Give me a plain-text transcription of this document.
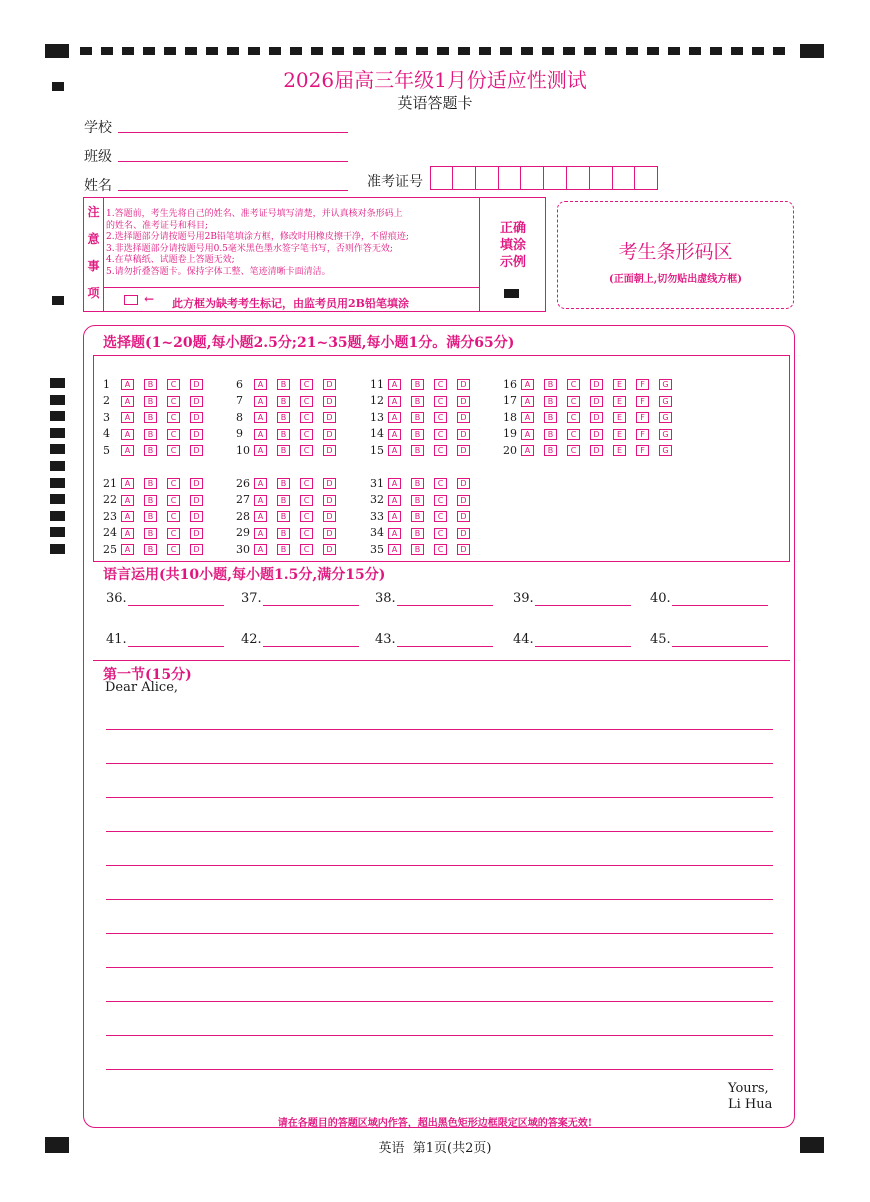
2026届高三年级1月份适应性测试
英语答题卡
学校
班级
姓名	准考证号
注
意
事
项
1.答题前，考生先将自己的姓名、准考证号填写清楚，并认真核对条形码上
的姓名、准考证号和科目;
2.选择题部分请按题号用2B铅笔填涂方框，修改时用橡皮擦干净，不留痕迹;
3.非选择题部分请按题号用0.5毫米黑色墨水签字笔书写，否则作答无效;
4.在草稿纸、试题卷上答题无效;
5.请勿折叠答题卡。保持字体工整、笔迹清晰卡面清洁。
← 此方框为缺考考生标记，由监考员用2B铅笔填涂
正确
填涂
示例	考生条形码区
(正面朝上,切勿贴出虚线方框)
选择题(1~20题,每小题2.5分;21~35题,每小题1分。满分65分)
1 A B C D
2 A B C D
3 A B C D
4 A B C D
5 A B C D
6 A B C D
7 A B C D
8 A B C D
9 A B C D
10 A B C D
11 A B C D
12 A B C D
13 A B C D
14 A B C D
15 A B C D
16 A B C D E F G
17 A B C D E F G
18 A B C D E F G
19 A B C D E F G
20 A B C D E F G
21 A B C D
22 A B C D
23 A B C D
24 A B C D
25 A B C D
26 A B C D
27 A B C D
28 A B C D
29 A B C D
30 A B C D
31 A B C D
32 A B C D
33 A B C D
34 A B C D
35 A B C D
语言运用(共10小题,每小题1.5分,满分15分)
36.	37.	38.	39.	40.
41.	42.	43.	44.	45.
第一节(15分)
Dear Alice,
Yours,
Li Hua
请在各题目的答题区域内作答，超出黑色矩形边框限定区域的答案无效!
英语  第1页(共2页)
